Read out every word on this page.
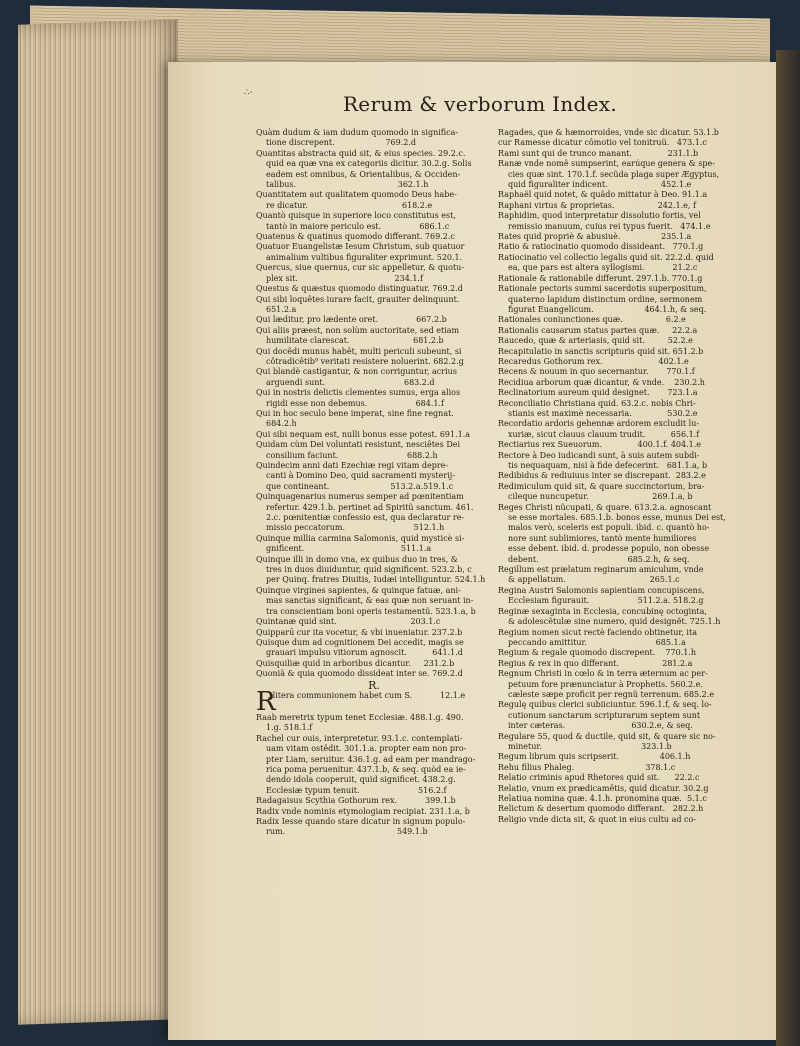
∴·	Rerum & verborum Index.

Quàm dudum & iam dudum quomodo in significa-
tione discrepent.                    769.2.d

Quantitas abstracta quid sit, & eius species. 29.2.c.
quid ea quæ vna ex categoriis dicitur. 30.2.g. Solis
eadem est omnibus, & Orientalibus, & Occiden-
talibus.                                        362.1.h

Quantitatem aut qualitatem quomodo Deus habe-
re dicatur.                                     618.2.e

Quantò quisque in superiore loco constitutus est,
tantò in maiore periculo est.               686.1.c

Quatenus & quatinus quomodo differant. 769.2.c

Quatuor Euangelistæ Iesum Christum, sub quatuor
animalium vultibus figuraliter exprimunt. 520.1.

Quercus, siue quernus, cur sic appelletur, & quotu-
plex sit.                                      234.1.f

Questus & quæstus quomodo distinguatur. 769.2.d

Qui sibi loquêtes iurare facit, grauiter delinquunt.
651.2.a

Qui læditur, pro lædente oret.               667.2.b

Qui aliis præest, non solùm auctoritate, sed etiam
humilitate clarescat.                         681.2.b

Qui docêdi munus habêt, multi periculi subeunt, si
côtradicêtib⁹ veritati resistere noluerint. 682.2.g

Qui blandè castigantur, & non corriguntur, acrius
arguendi sunt.                               683.2.d

Qui in nostris delictis clementes sumus, erga alios
rigidi esse non debemus.                   684.1.f

Qui in hoc seculo bene imperat, sine fine regnat.
684.2.h

Qui sibi nequam est, nulli bonus esse potest. 691.1.a

Quidam cùm Dei voluntati resistunt, nesciêtes Dei
consilium faciunt.                           688.2.h

Quindecim anni dati Ezechiæ regi vitam depre-
canti à Domino Deo, quid sacramenti mysterij-
que contineant.                        513.2.a.519.1.c

Quinquagenarius numerus semper ad pœnitentiam
refertur. 429.1.b. pertinet ad Spiritũ sanctum. 461.
2.c. pœnitentiæ confessio est, qua declaratur re-
missio peccatorum.                           512.1.h

Quinque millia carmina Salomonis, quid mysticè si-
gnificent.                                      511.1.a

Quinque illi in domo vna, ex quibus duo in tres, &
tres in duos diuiduntur, quid significent. 523.2.b, c
per Quinq. fratres Diuitis, Iudæi intelliguntur. 524.1.h

Quinque virgines sapientes, & quinque fatuæ, ani-
mas sanctas significant, & eas quæ non seruant in-
tra conscientiam boni operis testamentũ. 523.1.a, b

Quintanæ quid sint.                             203.1.c

Quipparū cur ita vocetur, & vbi inueniatur. 237.2.b

Quisque dum ad cognitionem Dei accedit, magis se
grauari impulsu vitiorum agnoscit.          641.1.d

Quisquiliæ quid in arboribus dicantur.     231.2.b

Quoniã & quia quomodo dissideat inter se. 769.2.d

R.

R
, litera communionem habet cum S.           12.1.e

Raab meretrix typum tenet Ecclesiæ. 488.1.g. 490.
1.g. 518.1.f

Rachel cur ouis, interpretetur. 93.1.c. contemplati-
uam vitam ostêdit. 301.1.a. propter eam non pro-
pter Liam, seruitur. 436.1.g. ad eam per mandrago-
rica poma peruenitur. 437.1.b, & seq. quòd ea ie-
dendo idola cooperuit, quid significet. 438.2.g.
Ecclesiæ typum tenuit.                       516.2.f

Radagaisus Scythia Gothorum rex.           399.1.b

Radix vnde nominis etymologiam recipiat. 231.1.a, b

Radix Iesse quando stare dicatur in signum populo-
rum.                                            549.1.b

Ragades, que & hæmorroides, vnde sic dicatur. 53.1.b

cur Ramesse dicatur cômotio vel tonitruũ.   473.1.c

Rami sunt qui de trunco manant.              231.1.b

Ranæ vnde nomê sumpserint, earúque genera & spe-
cies quæ sint. 170.1.f. secũda plaga super Ægyptus,
quid figuraliter indicent.                     452.1.e

Raphaël quid notet, & quãdo mittatur à Deo. 91.1.a

Raphani virtus & proprietas.                 242.1.e, f

Raphidim, quod interpretatur dissolutio fortis, vel
remissio manuum, cuius rei typus fuerit.   474.1.e

Rates quid propriè & abusiuè.                235.1.a

Ratio & ratiocinatio quomodo dissideant.   770.1.g

Ratiocinatio vel collectio legalis quid sit. 22.2.d. quid
ea, que pars est altera syllogismi.           21.2.c

Rationale & rationabile differunt. 297.1.b. 770.1.g

Rationale pectoris summi sacerdotis superpositum,
quaterno lapidum distinctum ordine, sermonem
figurat Euangelicum.                    464.1.h, & seq.

Rationales coniunctiones quæ.                 6.2.e

Rationalis causarum status partes quæ.     22.2.a

Raucedo, quæ & arteriasis, quid sit.         52.2.e

Recapitulatio in sanctis scripturis quid sit. 651.2.b

Recaredus Gothorum rex.                      402.1.e

Recens & nouum in quo secernantur.       770.1.f

Recidiua arborum quæ dicantur, & vnde.    230.2.h

Reclinatorium aureum quid designet.       723.1.a

Reconciliatio Christiana quid. 63.2.c. nobis Chri-
stianis est maximè necessaria.              530.2.e

Recordatio ardoris gehennæ ardorem excludit lu-
xuriæ, sicut clauus clauum trudit.          656.1.f

Rectiarius rex Sueuorum.              400.1.f. 404.1.e

Rectore à Deo iudicandi sunt, à suis autem subdi-
tis nequaquam, nisi à fide defecerint.   681.1.a, b

Redibidus & rediuiuus inter se discrepant.  283.2.e

Redimiculum quid sit, & quare succinctorium, bra-
cileque nuncupetur.                         269.1.a, b

Reges Christi nũcupati, & quare. 613.2.a. agnoscant
se esse mortales. 685.1.b. bonos esse, munus Dei est,
malos verò, sceleris est populi. ibid. c. quantò ho-
nore sunt sublimiores, tantò mente humiliores
esse debent. ibid. d. prodesse populo, non obesse
debent.                                   685.2.h, & seq.

Regillum est prælatum reginarum amiculum, vnde
& appellatum.                                 265.1.c

Regina Austri Salomonis sapientiam concupiscens,
Ecclesiam figurauit.                   511.2.a. 518.2.g

Reginæ sexaginta in Ecclesia, concubinę octoginta,
& adolescẽtulæ sine numero, quid designẽt. 725.1.h

Regium nomen sicut rectè faciendo obtinetur, ita
peccando amittitur.                           685.1.a

Regium & regale quomodo discrepent.    770.1.h

Regius & rex in quo differant.                 281.2.a

Regnum Christi in cœlo & in terra æternum ac per-
petuum fore prænunciatur à Prophetis. 560.2.e.
cæleste sæpe proficit per regnũ terrenum. 685.2.e

Regulę quibus clerici subiiciuntur. 596.1.f, & seq. lo-
cutionum sanctarum scripturarum septem sunt
inter cæteras.                          630.2.e, & seq.

Regulare 55, quod & ductile, quid sit, & quare sic no-
minetur.                                       323.1.b

Regum librum quis scripserit.                406.1.h

Rehu filius Phaleg.                            378.1.c

Relatio criminis apud Rhetores quid sit.      22.2.c

Relatio, vnum ex prædicamêtis, quid dicatur. 30.2.g

Relatiua nomina quæ. 4.1.h. pronomina quæ.  5.1.c

Relictum & desertum quomodo differant.   282.2.h

Religio vnde dicta sit, & quot in eius cultu ad co-
